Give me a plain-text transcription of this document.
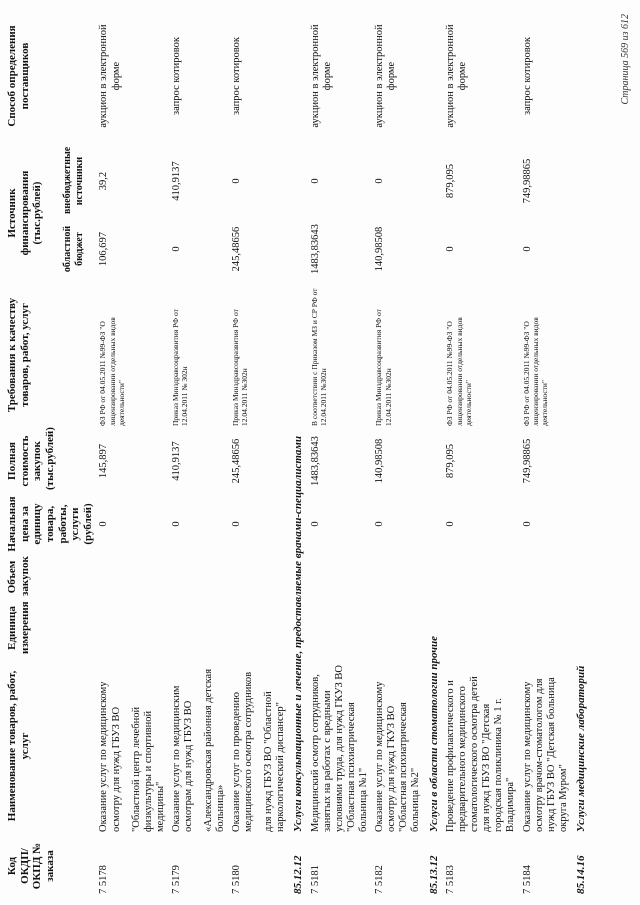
Код ОКДП/ ОКПД № заказа	Наименование товаров, работ, услуг	Единица измерения	Объем закупок	Начальная цена за единицу товара, работы, услуги (рублей)	Полная стоимость закупок (тыс.рублей)	Требования к качеству товаров, работ, услуг	Источник финансирования (тыс.рублей)		Способ определения поставщиков
							областной бюджет	внебюджетные источники	
7 5178	Оказание услуг по медицинскому осмотру для нужд ГБУЗ ВО "Областной центр лечебной физкультуры и спортивной медицины"			0	145,897	ФЗ РФ от 04.05.2011 №99-ФЗ "О лицензировании отдельных видов деятельности"	106,697	39,2	аукцион в электронной форме
7 5179	Оказание услуг по медицинским осмотрам для нужд ГБУЗ ВО «Александровская районная детская больница»			0	410,9137	Приказ Минздравсоцразвития РФ от 12.04.2011 № 302н	0	410,9137	запрос котировок
7 5180	Оказание услуг по проведению медицинского осмотра сотрудников для нужд ГБУЗ ВО "Областной наркологический диспансер"			0	245,48656	Приказ Минздравсоцразвития РФ от 12.04.2011 №302н	245,48656	0	запрос котировок
85.12.12	Услуги консультационные и лечение, предоставляемые врачами-специалистами								
7 5181	Медицинский осмотр сотрудников, занятых на работах с вредными условиями труда, для нужд ГКУЗ ВО "Областная психиатрическая больница №1"			0	1483,83643	В соответствии с Приказом МЗ и СР РФ от 12.04.2011 №302н	1483,83643	0	аукцион в электронной форме
7 5182	Оказание услуг по медицинскому осмотру для нужд ГКУЗ ВО "Областная психиатрическая больница №2"			0	140,98508	Приказ Минздравсоцразвития РФ от 12.04.2011 №302н	140,98508	0	аукцион в электронной форме
85.13.12	Услуги в области стоматологии прочие								
7 5183	Проведение профилактического и предварительного медицинского стоматологического осмотра детей для нужд ГБУЗ ВО "Детская городская поликлиника № 1 г. Владимира"			0	879,095	ФЗ РФ от 04.05.2011 №99-ФЗ "О лицензировании отдельных видов деятельности"	0	879,095	аукцион в электронной форме
7 5184	Оказание услуг по медицинскому осмотру врачом-стоматологом для нужд ГБУЗ ВО "Детская больница округа Муром"			0	749,98865	ФЗ РФ от 04.05.2011 №99-ФЗ "О лицензировании отдельных видов деятельности"	0	749,98865	запрос котировок
85.14.16	Услуги медицинские лабораторий								
Страница 569 из 612
